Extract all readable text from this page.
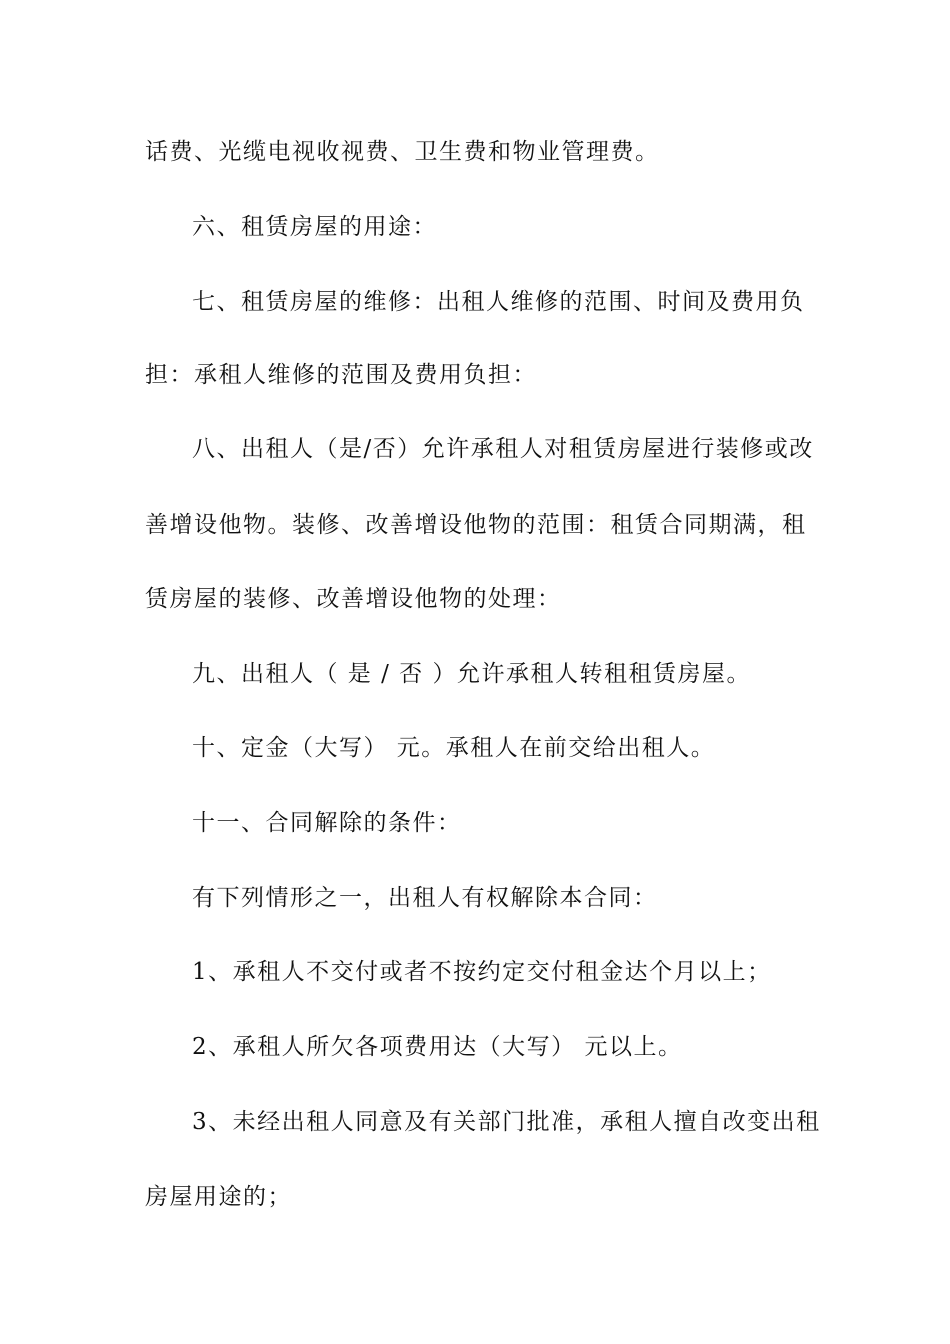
话费、光缆电视收视费、卫生费和物业管理费。
六、租赁房屋的用途：
七、租赁房屋的维修：出租人维修的范围、时间及费用负
担：承租人维修的范围及费用负担：
八、出租人（是/否）允许承租人对租赁房屋进行装修或改
善增设他物。装修、改善增设他物的范围：租赁合同期满，租
赁房屋的装修、改善增设他物的处理：
九、出租人（ 是 / 否 ）允许承租人转租租赁房屋。
十、定金（大写） 元。承租人在前交给出租人。
十一、合同解除的条件：
有下列情形之一，出租人有权解除本合同：
1、承租人不交付或者不按约定交付租金达个月以上；
2、承租人所欠各项费用达（大写） 元以上。
3、未经出租人同意及有关部门批准，承租人擅自改变出租
房屋用途的；
